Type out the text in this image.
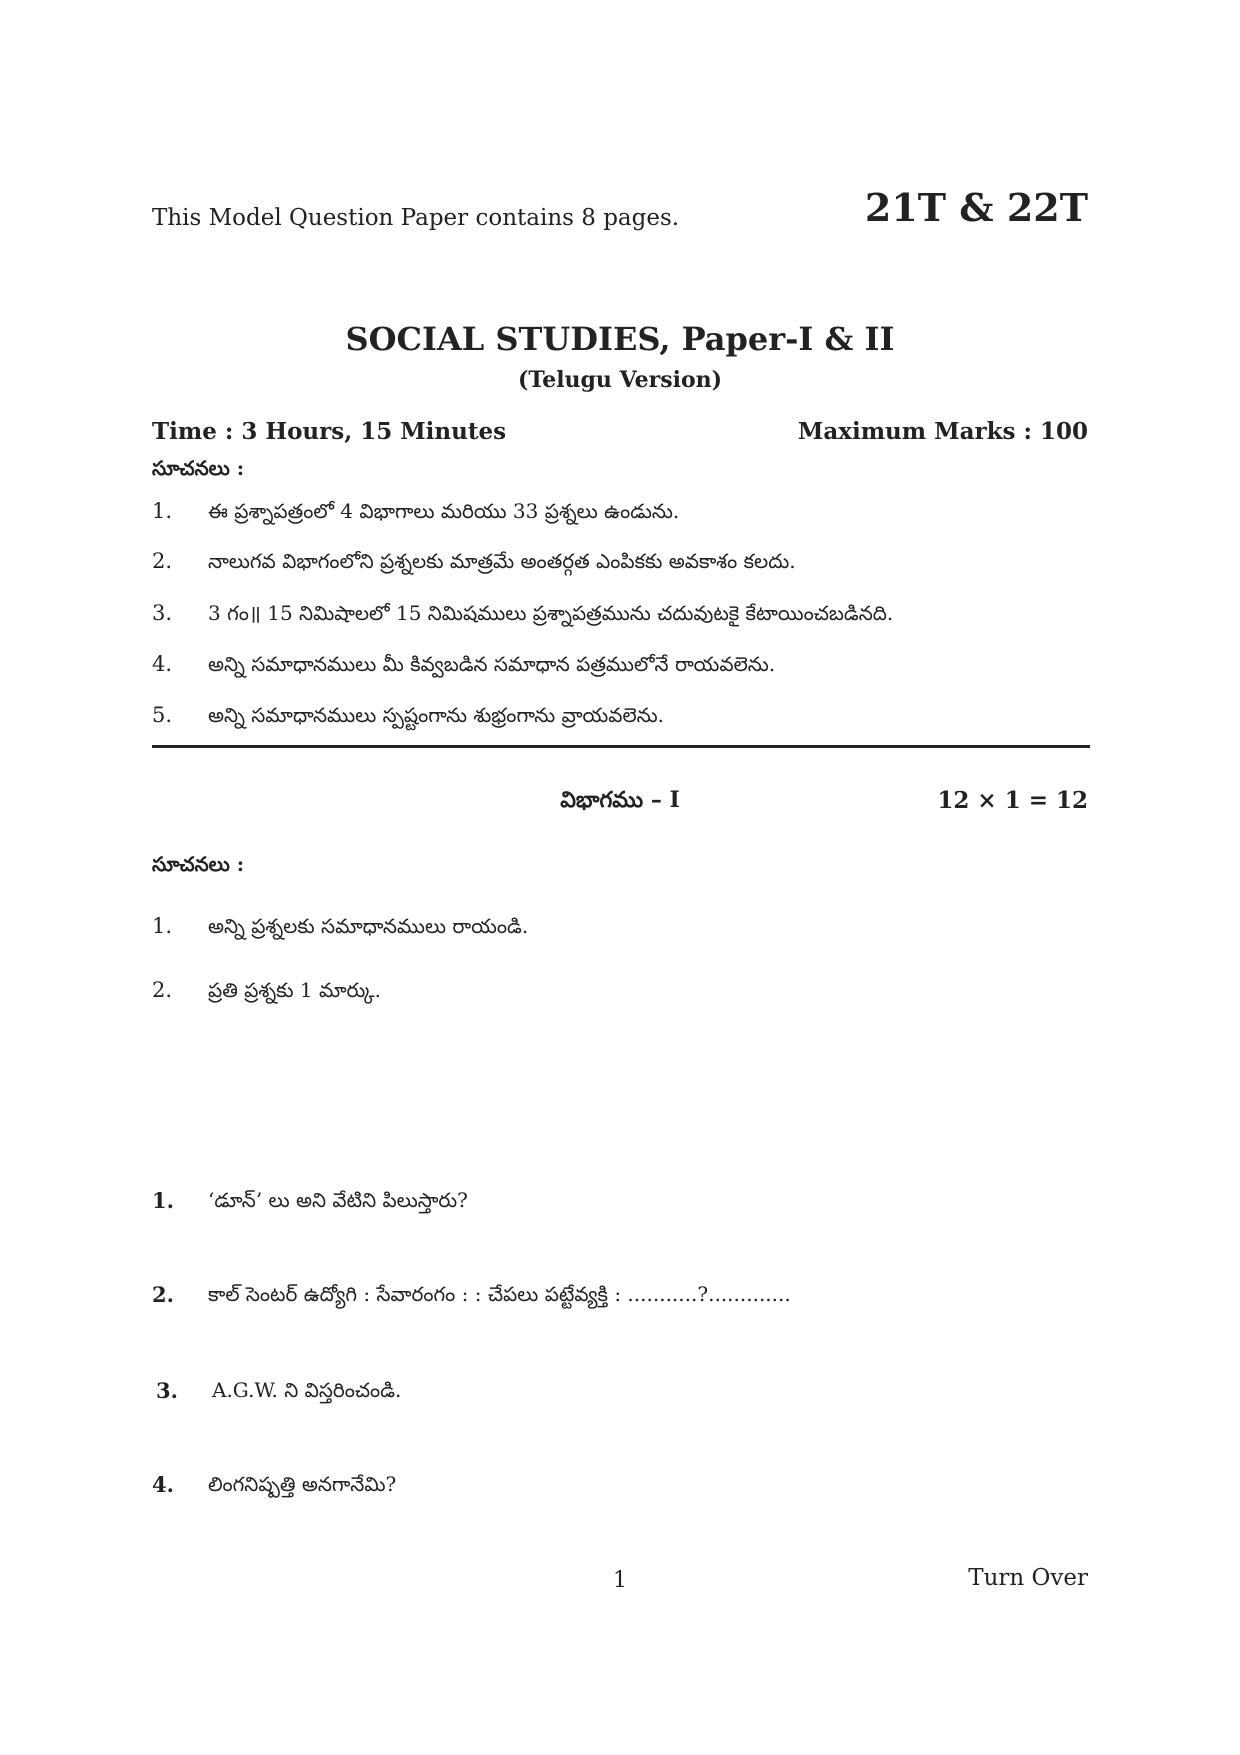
This Model Question Paper contains 8 pages.	21T & 22T
SOCIAL STUDIES, Paper-I & II
(Telugu Version)
Time : 3 Hours, 15 Minutes	Maximum Marks : 100
సూచనలు :
1.	ఈ ప్రశ్నాపత్రంలో 4 విభాగాలు మరియు 33 ప్రశ్నలు ఉండును.
2.	నాలుగవ విభాగంలోని ప్రశ్నలకు మాత్రమే అంతర్గత ఎంపికకు అవకాశం కలదు.
3.	3 గం॥ 15 నిమిషాలలో 15 నిమిషములు ప్రశ్నాపత్రమును చదువుటకై కేటాయించబడినది.
4.	అన్ని సమాధానములు మీ కివ్వబడిన సమాధాన పత్రములోనే రాయవలెను.
5.	అన్ని సమాధానములు స్పష్టంగాను శుభ్రంగాను వ్రాయవలెను.
విభాగము – I	12 × 1 = 12
సూచనలు :
1.	అన్ని ప్రశ్నలకు సమాధానములు రాయండి.
2.	ప్రతి ప్రశ్నకు 1 మార్కు.
1.	‘డూన్’ లు అని వేటిని పిలుస్తారు?
2.	కాల్ సెంటర్ ఉద్యోగి : సేవారంగం : : చేపలు పట్టేవ్యక్తి : ...........?.............
3.	A.G.W. ని విస్తరించండి.
4.	లింగనిష్పత్తి అనగానేమి?
1	Turn Over
